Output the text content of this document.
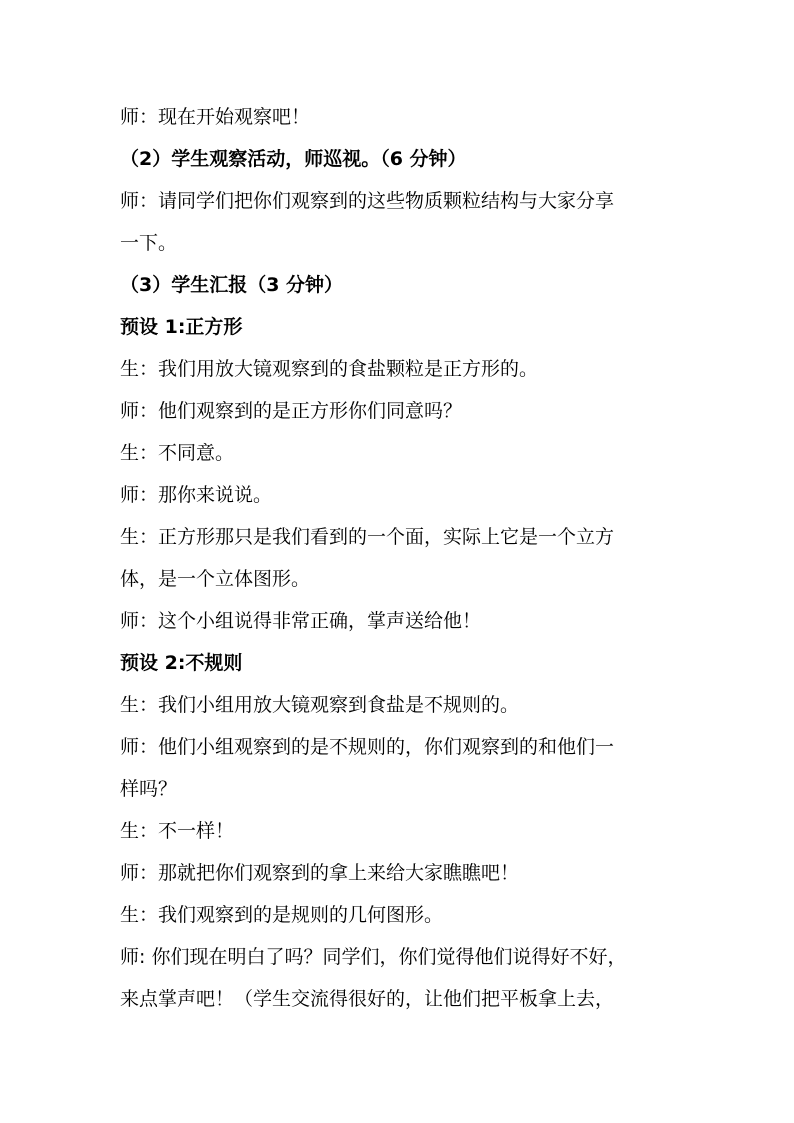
师：现在开始观察吧！
（2）学生观察活动，师巡视。（6 分钟）
师：请同学们把你们观察到的这些物质颗粒结构与大家分享
一下。
（3）学生汇报（3 分钟）
预设 1:正方形
生：我们用放大镜观察到的食盐颗粒是正方形的。
师：他们观察到的是正方形你们同意吗？
生：不同意。
师：那你来说说。
生：正方形那只是我们看到的一个面，实际上它是一个立方
体，是一个立体图形。
师：这个小组说得非常正确，掌声送给他！
预设 2:不规则
生：我们小组用放大镜观察到食盐是不规则的。
师：他们小组观察到的是不规则的，你们观察到的和他们一
样吗？
生：不一样！
师：那就把你们观察到的拿上来给大家瞧瞧吧！
生：我们观察到的是规则的几何图形。
师: 你们现在明白了吗？同学们，你们觉得他们说得好不好，
来点掌声吧！（学生交流得很好的，让他们把平板拿上去，
